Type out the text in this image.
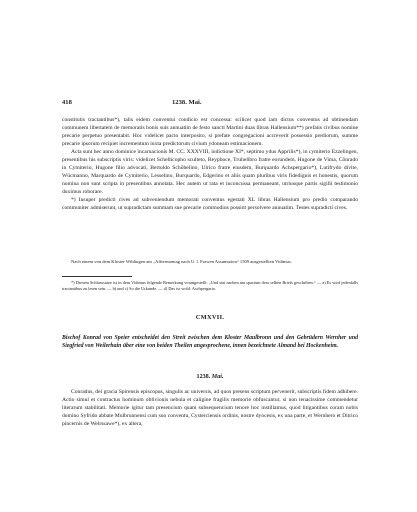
418	1238. Mai.

constitutis tractantibus*), talis eidem conventui condicio est concessa: scilicet quod iam dictus conventus ad obtinendam communem libertatem de memoratis bonis suis annuatim de festo sancti Martini duas libras Hallensium**) prefatis civibus nomine precarie perpetuo presentabit. Hoc videlicet pacto interposito, si prefate congregacioni accreverit possessio prediorum, summe precarie ipsorum recipiet incrementum iuxta predictorum civium ydoneam estimacionem.

Acta sunt hec anno dominice incarnacionis M. CC. XXXVIII, indictione XI*, septimo ydus Apprilis*), in cymiterio Ezzelingen, presentibus his subscriptis viris: videlicet Schellicopho sculteto, Reypboce, Truhelibro fratre eorundem, Hugone de Vima, Cŏnrado in Cymiterio, Hugone filio advocati, Bertoldo Schŏbelino, Ulrico fratre eiusdem, Burquardo Achspergario*), Lutifrydo divite, Wücmanno, Marquardo de Cymiterio, Lesselino, Burquardo, Edgerino et aliis quam pluribus viris fidedignis et honestis, quorum nomina non sunt scripta in presentibus annotata. Hec autem ut rata et inconcussa permaneant, utriusque partis sigilli testimonio duximus roborare.

*) Insuper predicti cives ad subveniendum memorati conventus egestati XL libras Hallensium pro predio comparando communiter admiserunt, ut supradictam summam sue precarie commodius possint persolvere annuatim. Testes supradicti cives.

Nach einem von dem Kloster Wiblingen am „Afftermontag nach U. l. Frawen Assumtzion“ 1509 ausgestellten Vidimus.

*) Diesem Schlusssatze ist in dem Vidimus folgende Bemerkung vorangestellt: „Und stat nachen am spacium dess selben Briefs geschriben.“ — a) Es wird jedenfalls tractantibus zu lesen sein. — b) und c) So die Urkunde. — d) Das ist wohl: Aschpergario.

CMXVII.
Bischof Konrad von Speier entscheidet den Streit zwischen dem Kloster Maulbronn und den Gebrüdern Wernher und Siegfried von Weilerhain über eine von beiden Theilen angesprochene, innen bezeichnete Almand bei Hockenheim.
1238. Mai.

Conradus, dei gracia Spirensis episcopus, singulis ac universis, ad quos presens scriptum pervenerit, subscriptis fidem adhibere. Actio simul et contractus hominum oblivionis nebula et caligine fragilis memorie obfuscantur, si non tenacissime commendetur literarum stabilitati. Memorie igitur tam presencium quam subsequencium tenore hoc instillamus, quod litigantibus coram nobis domino Syfrido abbate Mulbrunnensi cum suo conventu, Cysterciensis ordinis, nostre dyocesis, ex una parte, et Wernhero et Ditrico pincernis de Welrssawe*), ex altera,
